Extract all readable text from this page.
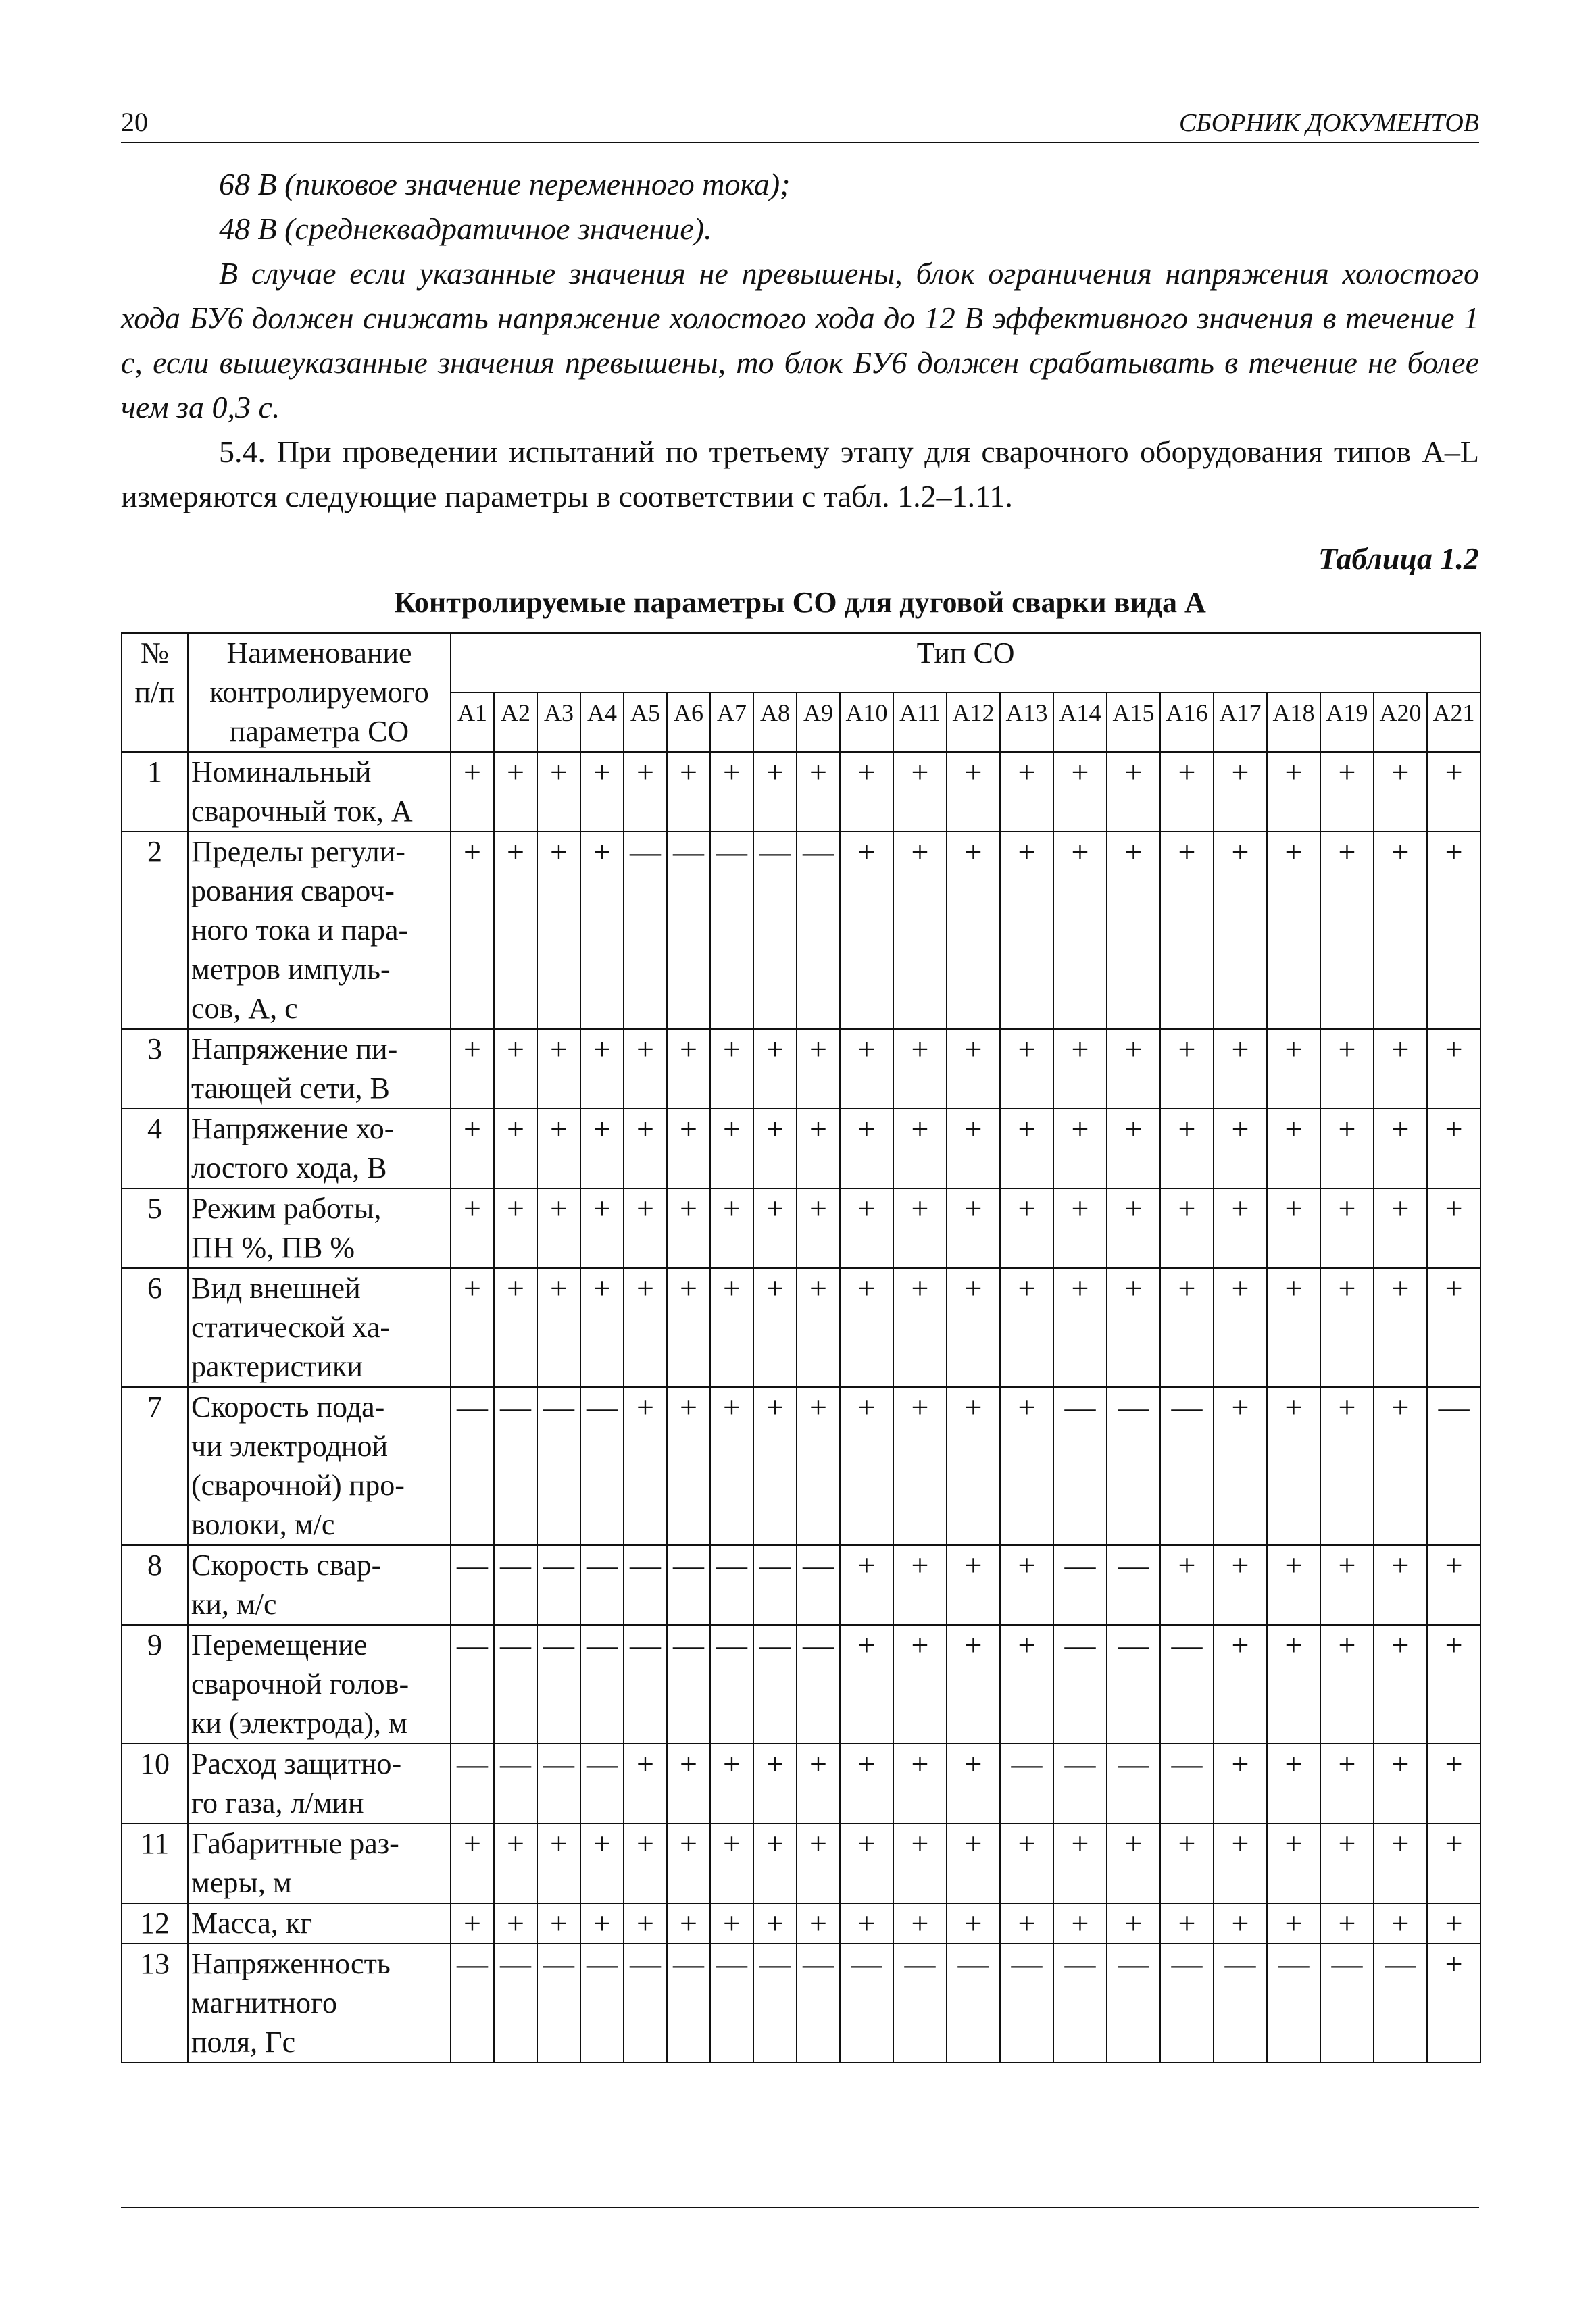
20	СБОРНИК ДОКУМЕНТОВ

68 В (пиковое значение переменного тока);

48 В (среднеквадратичное значение).

В случае если указанные значения не превышены, блок ограничения напряжения холостого хода БУ6 должен снижать напряжение холостого хода до 12 В эффективного значения в течение 1 с, если вышеуказанные значения превышены, то блок БУ6 должен срабатывать в течение не более чем за 0,3 с.

5.4. При проведении испытаний по третьему этапу для сварочного оборудования типов A–L измеряются следующие параметры в соответствии с табл. 1.2–1.11.

Таблица 1.2
Контролируемые параметры СО для дуговой сварки вида А
№
п/п	Наименование
контролируемого
параметра СО	Тип СО																				
		A1	A2	A3	A4	A5	A6	A7	A8	A9	A10	A11	A12	A13	A14	A15	A16	A17	A18	A19	A20	A21
1	Номинальный
сварочный ток, А	+	+	+	+	+	+	+	+	+	+	+	+	+	+	+	+	+	+	+	+	+
2	Пределы регули-
рования свароч-
ного тока и пара-
метров импуль-
сов, А, с	+	+	+	+	—	—	—	—	—	+	+	+	+	+	+	+	+	+	+	+	+
3	Напряжение пи-
тающей сети, В	+	+	+	+	+	+	+	+	+	+	+	+	+	+	+	+	+	+	+	+	+
4	Напряжение хо-
лостого хода, В	+	+	+	+	+	+	+	+	+	+	+	+	+	+	+	+	+	+	+	+	+
5	Режим работы,
ПН %, ПВ %	+	+	+	+	+	+	+	+	+	+	+	+	+	+	+	+	+	+	+	+	+
6	Вид внешней
статической ха-
рактеристики	+	+	+	+	+	+	+	+	+	+	+	+	+	+	+	+	+	+	+	+	+
7	Скорость пода-
чи электродной
(сварочной) про-
волоки, м/с	—	—	—	—	+	+	+	+	+	+	+	+	+	—	—	—	+	+	+	+	—
8	Скорость свар-
ки, м/с	—	—	—	—	—	—	—	—	—	+	+	+	+	—	—	+	+	+	+	+	+
9	Перемещение
сварочной голов-
ки (электрода), м	—	—	—	—	—	—	—	—	—	+	+	+	+	—	—	—	+	+	+	+	+
10	Расход защитно-
го газа, л/мин	—	—	—	—	+	+	+	+	+	+	+	+	—	—	—	—	+	+	+	+	+
11	Габаритные раз-
меры, м	+	+	+	+	+	+	+	+	+	+	+	+	+	+	+	+	+	+	+	+	+
12	Масса, кг	+	+	+	+	+	+	+	+	+	+	+	+	+	+	+	+	+	+	+	+	+
13	Напряженность
магнитного
поля, Гс	—	—	—	—	—	—	—	—	—	—	—	—	—	—	—	—	—	—	—	—	+
